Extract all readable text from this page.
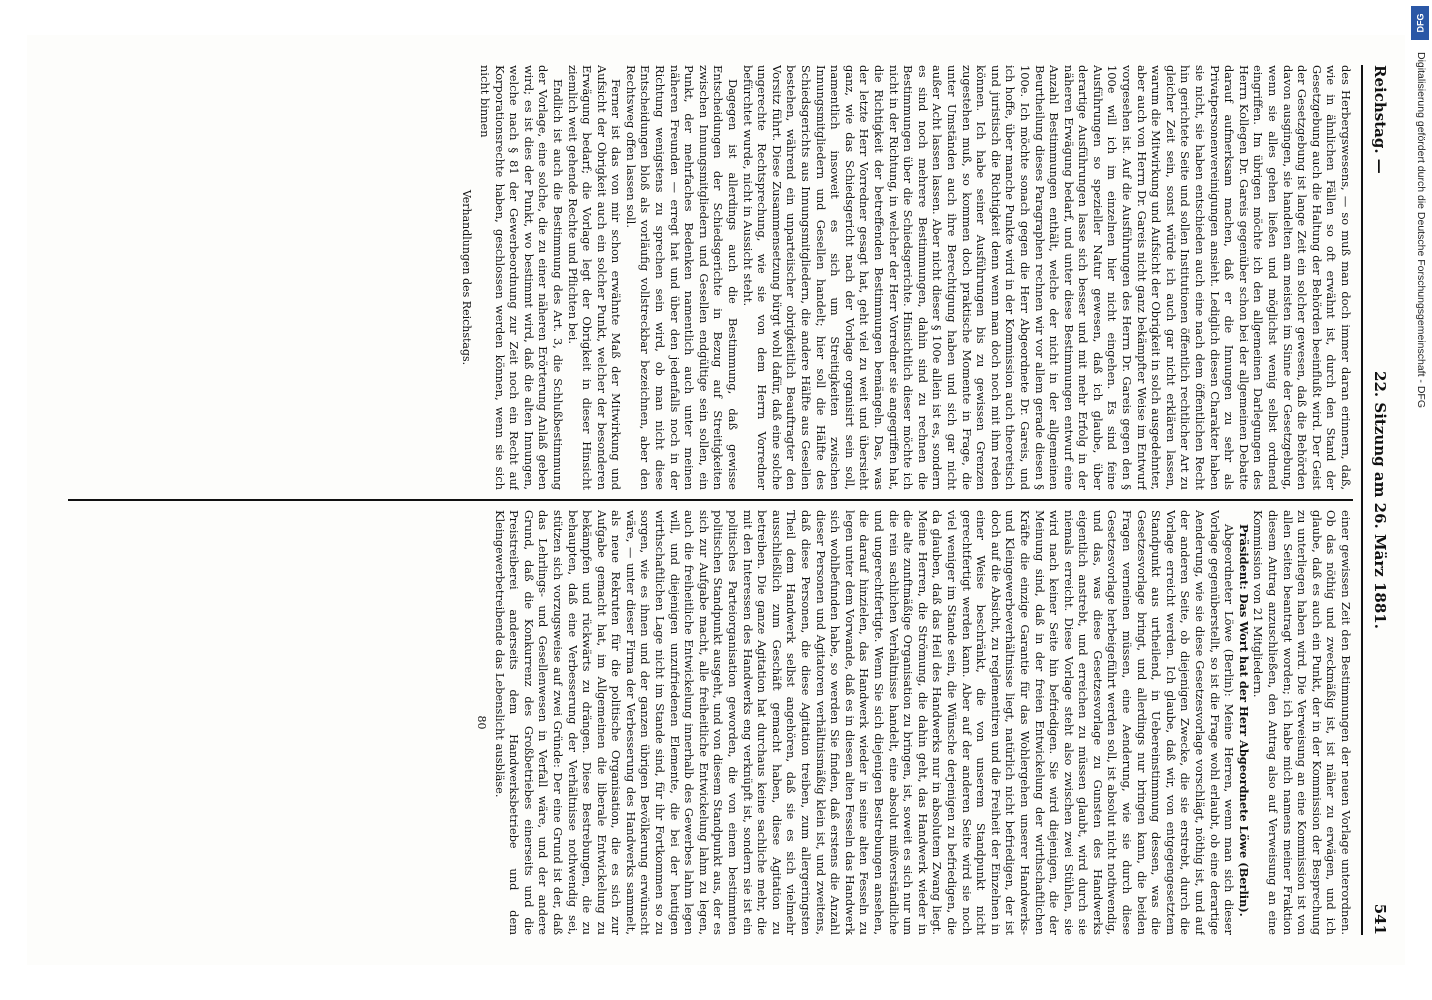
Reichstag. —
22. Sitzung am 26. März 1881.
541

des Herbergswesens, — so muß man doch immer daran erinnern, daß, wie in ähnlichen Fällen so oft erwähnt ist, durch den Stand der Gesetzgebung auch die Haltung der Behörden beeinflußt wird. Der Geist der Gesetzgebung ist lange Zeit ein solcher gewesen, daß die Behörden davon ausgingen, sie handelten am meisten im Sinne der Gesetzgebung, wenn sie alles gehen ließen und möglichst wenig selbst ordnend eingriffen. Im übrigen möchte ich den allgemeinen Darlegungen des Herrn Kollegen Dr. Gareis gegenüber schon bei der allgemeinen Debatte darauf aufmerksam machen, daß er die Innungen zu sehr als Privatpersonenvereinigungen ansieht. Lediglich diesen Charakter haben sie nicht, sie haben entschieden auch eine nach dem öffentlichen Recht hin gerichtete Seite und sollen Institutionen öffentlich rechtlicher Art zu gleicher Zeit sein, sonst würde ich auch gar nicht erklären lassen, warum die Mitwirkung und Aufsicht der Obrigkeit in solch ausgedehnter, aber auch von Herrn Dr. Gareis nicht ganz bekämpfter Weise im Entwurf vorgesehen ist. Auf die Ausführungen des Herrn Dr. Gareis gegen den § 100e will ich im einzelnen hier nicht eingehen. Es sind feine Ausführungen so spezieller Natur gewesen, daß ich glaube, über derartige Ausführungen lasse sich besser und mit mehr Erfolg in der näheren Erwägung bedarf, und unter diese Bestimmungen entwurf eine Anzahl Bestimmungen enthält, welche der nicht in der allgemeinen Beurtheilung dieses Paragraphen rechnen wir vor allem gerade diesen § 100e. Ich möchte sonach gegen die Herr Abgeordnete Dr. Gareis, und ich hoffe, über manche Punkte wird in der Kommission auch theoretisch und juristisch die Richtigkeit denn wenn man doch noch mit ihm reden können. Ich habe seiner Ausführungen bis zu gewissen Grenzen zugestehen muß, so kommen doch praktische Momente in Frage, die unter Umständen auch ihre Berechtigung haben und sich gar nicht außer Acht lassen lassen. Aber nicht dieser § 100e allein ist es, sondern es sind noch mehrere Bestimmungen, dahin sind zu rechnen die Bestimmungen über die Schiedsgerichte. Hinsichtlich dieser möchte ich nicht in der Richtung, in welcher der Herr Vorredner sie angegriffen hat, die Richtigkeit der betreffenden Bestimmungen bemängeln. Das, was der letzte Herr Vorredner gesagt hat, geht viel zu weit und übersieht ganz, wie das Schiedsgericht nach der Vorlage organisirt sein soll, namentlich insoweit es sich um Streitigkeiten zwischen Innungsmitgliedern und Gesellen handelt; hier soll die Hälfte des Schiedsgerichts aus Innungsmitgliedern, die andere Hälfte aus Gesellen bestehen, während ein unparteiischer obrigkeitlich Beauftragter den Vorsitz führt. Diese Zusammensetzung bürgt wohl dafür, daß eine solche ungerechte Rechtsprechung, wie sie von dem Herrn Vorredner befürchtet wurde, nicht in Aussicht steht.

Dagegen ist allerdings auch die Bestimmung, daß gewisse Entscheidungen der Schiedsgerichte in Bezug auf Streitigkeiten zwischen Innungsmitgliedern und Gesellen endgültige sein sollen, ein Punkt, der mehrfaches Bedenken namentlich auch unter meinen näheren Freunden — erregt hat und über den jedenfalls noch in der Richtung wenigstens zu sprechen sein wird, ob man nicht diese Entscheidungen bloß als vorläufig vollstreckbar bezeichnen, aber den Rechtsweg offen lassen soll.

Ferner ist das von mir schon erwähnte Maß der Mitwirkung und Aufsicht der Obrigkeit auch ein solcher Punkt, welcher der besonderen Erwägung bedarf; die Vorlage legt der Obrigkeit in dieser Hinsicht ziemlich weit gehende Rechte und Pflichten bei.

Endlich ist auch die Bestimmung des Art. 3, die Schlußbestimmung der Vorlage, eine solche, die zu einer näheren Erörterung Anlaß geben wird; es ist dies der Punkt, wo bestimmt wird, daß die alten Innungen, welche nach § 81 der Gewerbeordnung zur Zeit noch ein Recht auf Korporationsrechte haben, geschlossen werden können, wenn sie sich nicht binnen

Verhandlungen des Reichstags.

einer gewissen Zeit den Bestimmungen der neuen Vorlage unterordnen. Ob das nöthig und zweckmäßig ist, ist näher zu erwägen, und ich glaube, daß es auch ein Punkt, der in der Kommission der Besprechung zu unterliegen haben wird. Die Verweisung an eine Kommission ist von allen Seiten beantragt worden; ich habe mich namens meiner Fraktion diesem Antrag anzuschließen, den Antrag also auf Verweisung an eine Kommission von 21 Mitgliedern.

Präsident: Das Wort hat der Herr Abgeordnete Löwe (Berlin).

Abgeordneter Löwe (Berlin): Meine Herren, wenn man sich dieser Vorlage gegenüberstellt, so ist die Frage wohl erlaubt, ob eine derartige Aenderung, wie sie diese Gesetzesvorlage vorschlägt, nöthig ist, und auf der anderen Seite, ob diejenigen Zwecke, die sie erstrebt, durch die Vorlage erreicht werden. Ich glaube, daß wir, von entgegengesetztem Standpunkt aus urtheilend, in Uebereinstimmung dessen, was die Gesetzesvorlage bringt, und allerdings nur bringen kann, die beiden Fragen verneinen müssen, eine Aenderung, wie sie durch diese Gesetzesvorlage herbeigeführt werden soll, ist absolut nicht nothwendig, und das, was diese Gesetzesvorlage zu Gunsten des Handwerks eigentlich anstrebt, und erreichen zu müssen glaubt, wird durch sie niemals erreicht. Diese Vorlage steht also zwischen zwei Stühlen, sie wird nach keiner Seite hin befriedigen. Sie wird diejenigen, die der Meinung sind, daß in der freien Entwickelung der wirthschaftlichen Kräfte die einzige Garantie für das Wohlergehen unserer Handwerks- und Kleingewerbeverhältnisse liegt, natürlich nicht befriedigen, der ist doch auf die Absicht, zu reglementiren und die Freiheit der Einzelnen in einer Weise beschränkt, die von unserem Standpunkt nicht gerechtfertigt werden kann. Aber auf der anderen Seite wird sie noch viel weniger im Stande sein, die Wünsche derjenigen zu befriedigen, die da glauben, daß das Heil des Handwerks nur in absolutem Zwang liegt. Meine Herren, die Strömung, die dahin geht, das Handwerk wieder in die alte zunftmäßige Organisation zu bringen, ist, soweit es sich nur um die rein sachlichen Verhältnisse handelt, eine absolut mißverständliche und ungerechtfertigte. Wenn Sie sich diejenigen Bestrebungen ansehen, die darauf hinzielen, das Handwerk wieder in seine alten Fesseln zu legen unter dem Vorwande, daß es in diesen alten Fesseln das Handwerk sich wohlbefunden habe, so werden Sie finden, daß erstens die Anzahl dieser Personen und Agitatoren verhältnismäßig klein ist, und zweitens, daß diese Personen, die diese Agitation treiben, zum allergeringsten Theil dem Handwerk selbst angehören, daß sie es sich vielmehr ausschließlich zum Geschäft gemacht haben, diese Agitation zu betreiben. Die ganze Agitation hat durchaus keine sachliche mehr, die mit den Interessen des Handwerks eng verknüpft ist, sondern sie ist ein politisches Parteiorganisation geworden, die von einem bestimmten politischen Standpunkt ausgeht, und von diesem Standpunkt aus, der es sich zur Aufgabe macht, alle freiheitliche Entwickelung lahm zu legen, auch die freiheitliche Entwickelung innerhalb des Gewerbes lahm legen will, und diejenigen unzufriedenen Elemente, die bei der heutigen wirthschaftlichen Lage nicht im Stande sind, für ihr Fortkommen so zu sorgen, wie es ihnen und der ganzen übrigen Bevölkerung erwünscht wäre, — unter dieser Firma der Verbesserung des Handwerks sammelt, als neue Rekruten für die politische Organisation, die es sich zur Aufgabe gemacht hat, im Allgemeinen die liberale Entwickelung zu bekämpfen und rückwärts zu drängen. Diese Bestrebungen, die zu behaupten, daß eine Verbesserung der Verhältnisse nothwendig sei, stützen sich vorzugsweise auf zwei Gründe: Der eine Grund ist der, daß das Lehrlings- und Gesellenwesen in Verfall wäre, und der andere Grund, daß die Konkurrenz des Großbetriebes einerseits und die Preistreiberei anderseits dem Handwerksbetriebe und dem Kleingewerbetreibende das Lebenslicht ausbläse.

80

DFG
Digitalisierung gefördert durch die Deutsche Forschungsgemeinschaft - DFG
